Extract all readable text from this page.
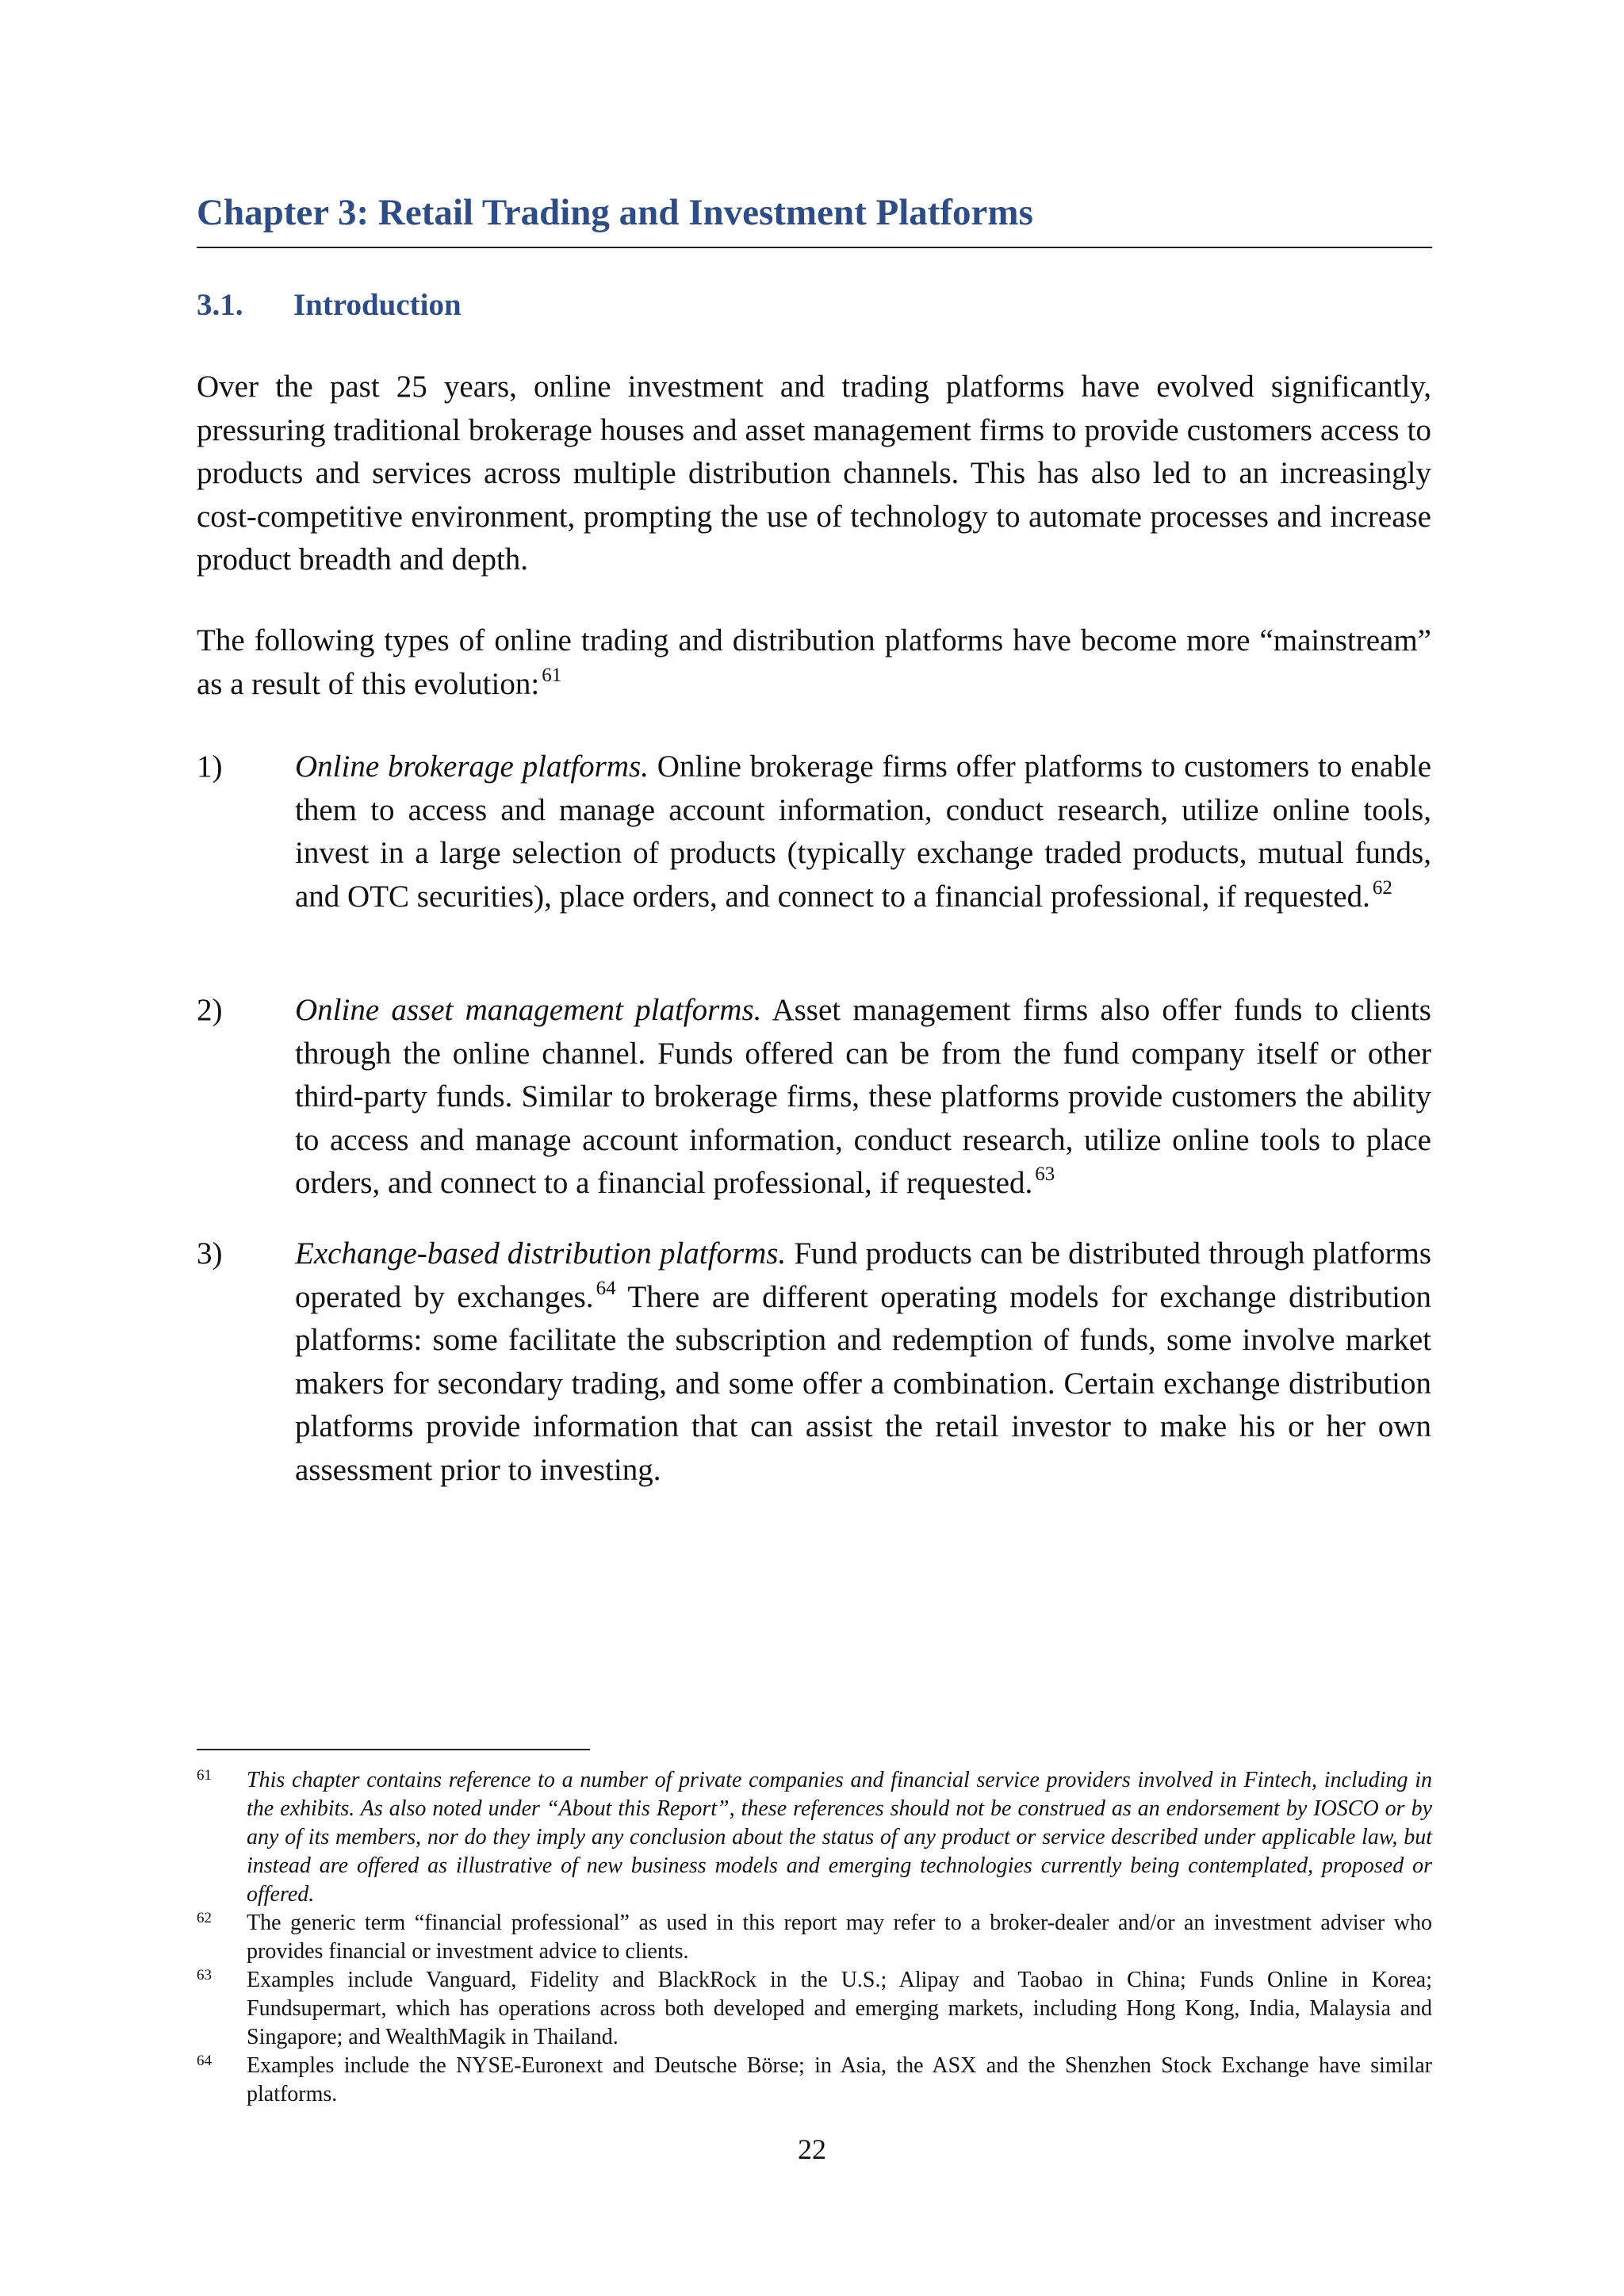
Chapter 3: Retail Trading and Investment Platforms
3.1. Introduction

Over the past 25 years, online investment and trading platforms have evolved significantly, pressuring traditional brokerage houses and asset management firms to provide customers access to products and services across multiple distribution channels. This has also led to an increasingly cost-competitive environment, prompting the use of technology to automate processes and increase product breadth and depth.

The following types of online trading and distribution platforms have become more “mainstream” as a result of this evolution: $^{61}$

1) Online brokerage platforms. Online brokerage firms offer platforms to customers to enable them to access and manage account information, conduct research, utilize online tools, invest in a large selection of products (typically exchange traded products, mutual funds, and OTC securities), place orders, and connect to a financial professional, if requested. $^{62}$
2) Online asset management platforms. Asset management firms also offer funds to clients through the online channel. Funds offered can be from the fund company itself or other third-party funds. Similar to brokerage firms, these platforms provide customers the ability to access and manage account information, conduct research, utilize online tools to place orders, and connect to a financial professional, if requested. $^{63}$
3) Exchange-based distribution platforms. Fund products can be distributed through platforms operated by exchanges. $^{64}$ There are different operating models for exchange distribution platforms: some facilitate the subscription and redemption of funds, some involve market makers for secondary trading, and some offer a combination. Certain exchange distribution platforms provide information that can assist the retail investor to make his or her own assessment prior to investing.
61 This chapter contains reference to a number of private companies and financial service providers involved in Fintech, including in the exhibits. As also noted under “About this Report”, these references should not be construed as an endorsement by IOSCO or by any of its members, nor do they imply any conclusion about the status of any product or service described under applicable law, but instead are offered as illustrative of new business models and emerging technologies currently being contemplated, proposed or offered.
62 The generic term “financial professional” as used in this report may refer to a broker-dealer and/or an investment adviser who provides financial or investment advice to clients.
63 Examples include Vanguard, Fidelity and BlackRock in the U.S.; Alipay and Taobao in China; Funds Online in Korea; Fundsupermart, which has operations across both developed and emerging markets, including Hong Kong, India, Malaysia and Singapore; and WealthMagik in Thailand.
64 Examples include the NYSE-Euronext and Deutsche Börse; in Asia, the ASX and the Shenzhen Stock Exchange have similar platforms.
22
